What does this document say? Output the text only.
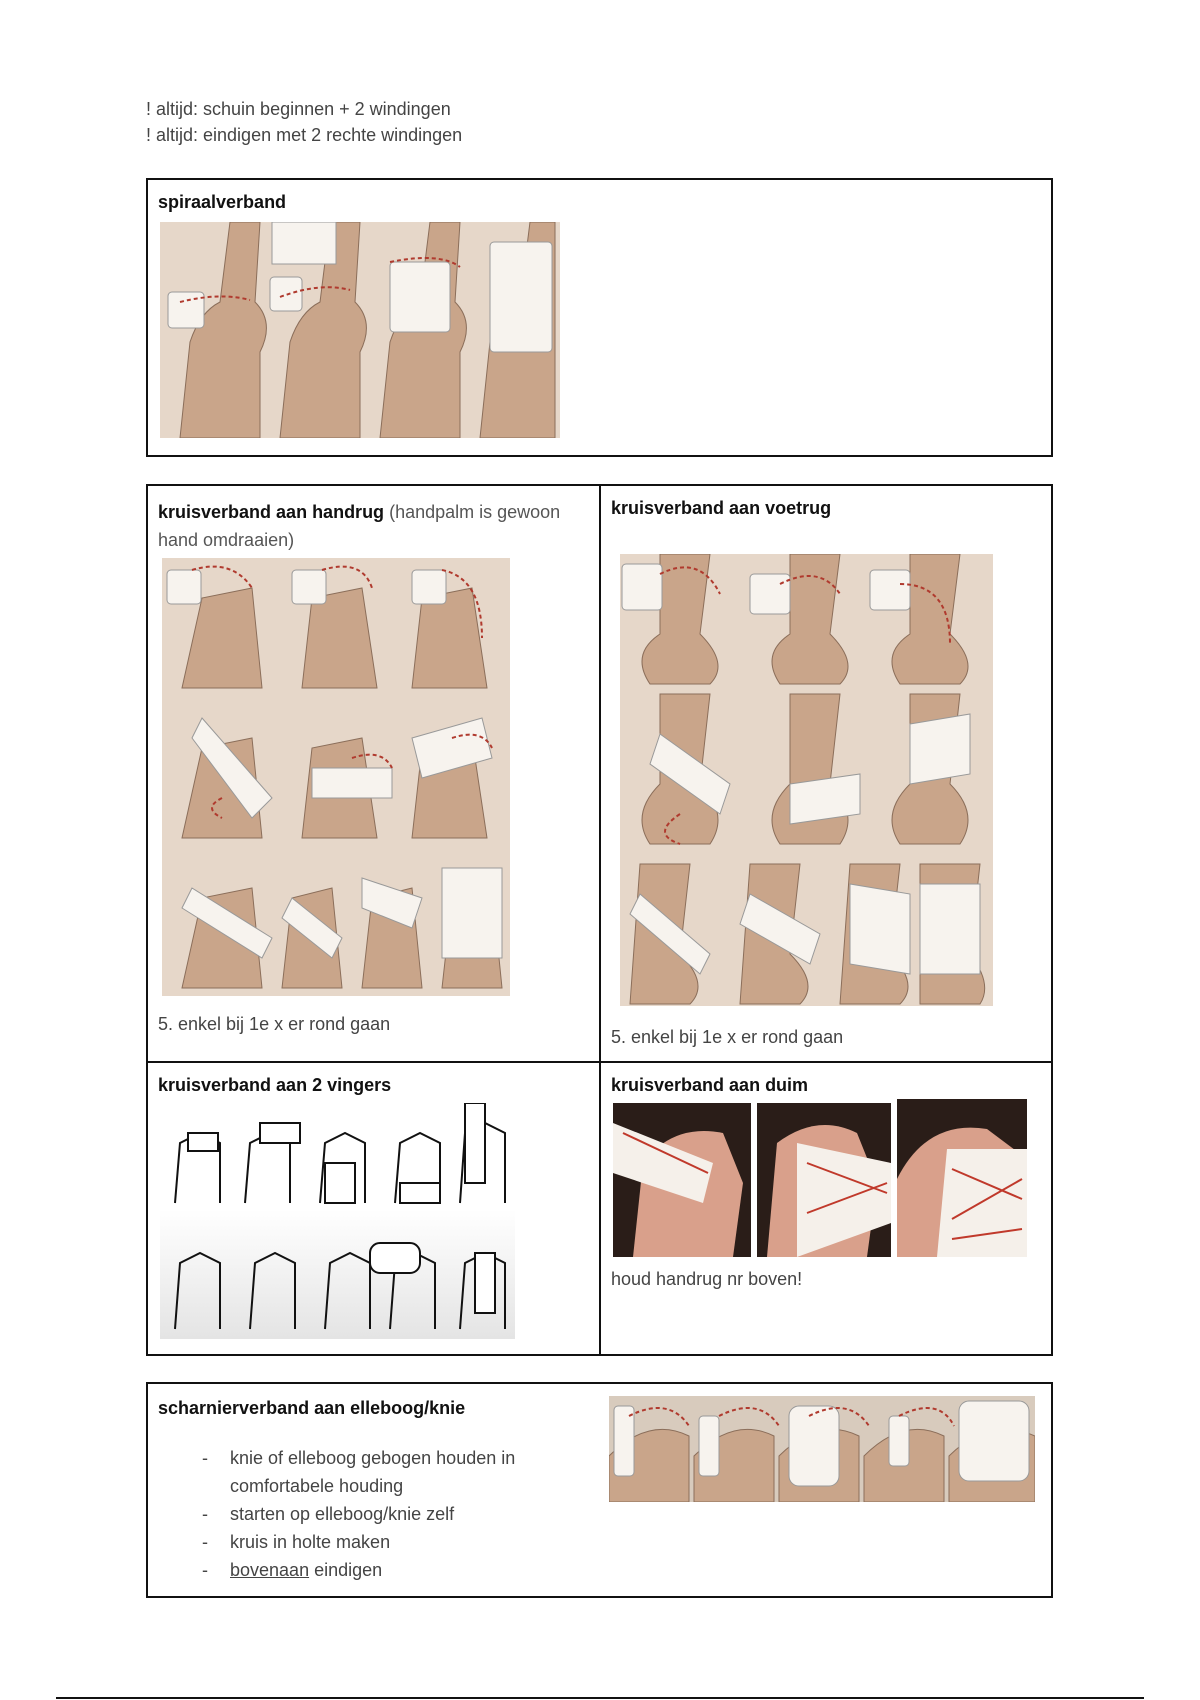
! altijd: schuin beginnen + 2 windingen
! altijd: eindigen met 2 rechte windingen
spiraalverband
kruisverband aan handrug (handpalm is gewoon hand omdraaien)
5. enkel bij 1e x er rond gaan
kruisverband aan voetrug
5. enkel bij 1e x er rond gaan
kruisverband aan 2 vingers	kruisverband aan duim
houd handrug nr boven!
scharnierverband aan elleboog/knie
- knie of elleboog gebogen houden in comfortabele houding
- starten op elleboog/knie zelf
- kruis in holte maken
- bovenaan eindigen
